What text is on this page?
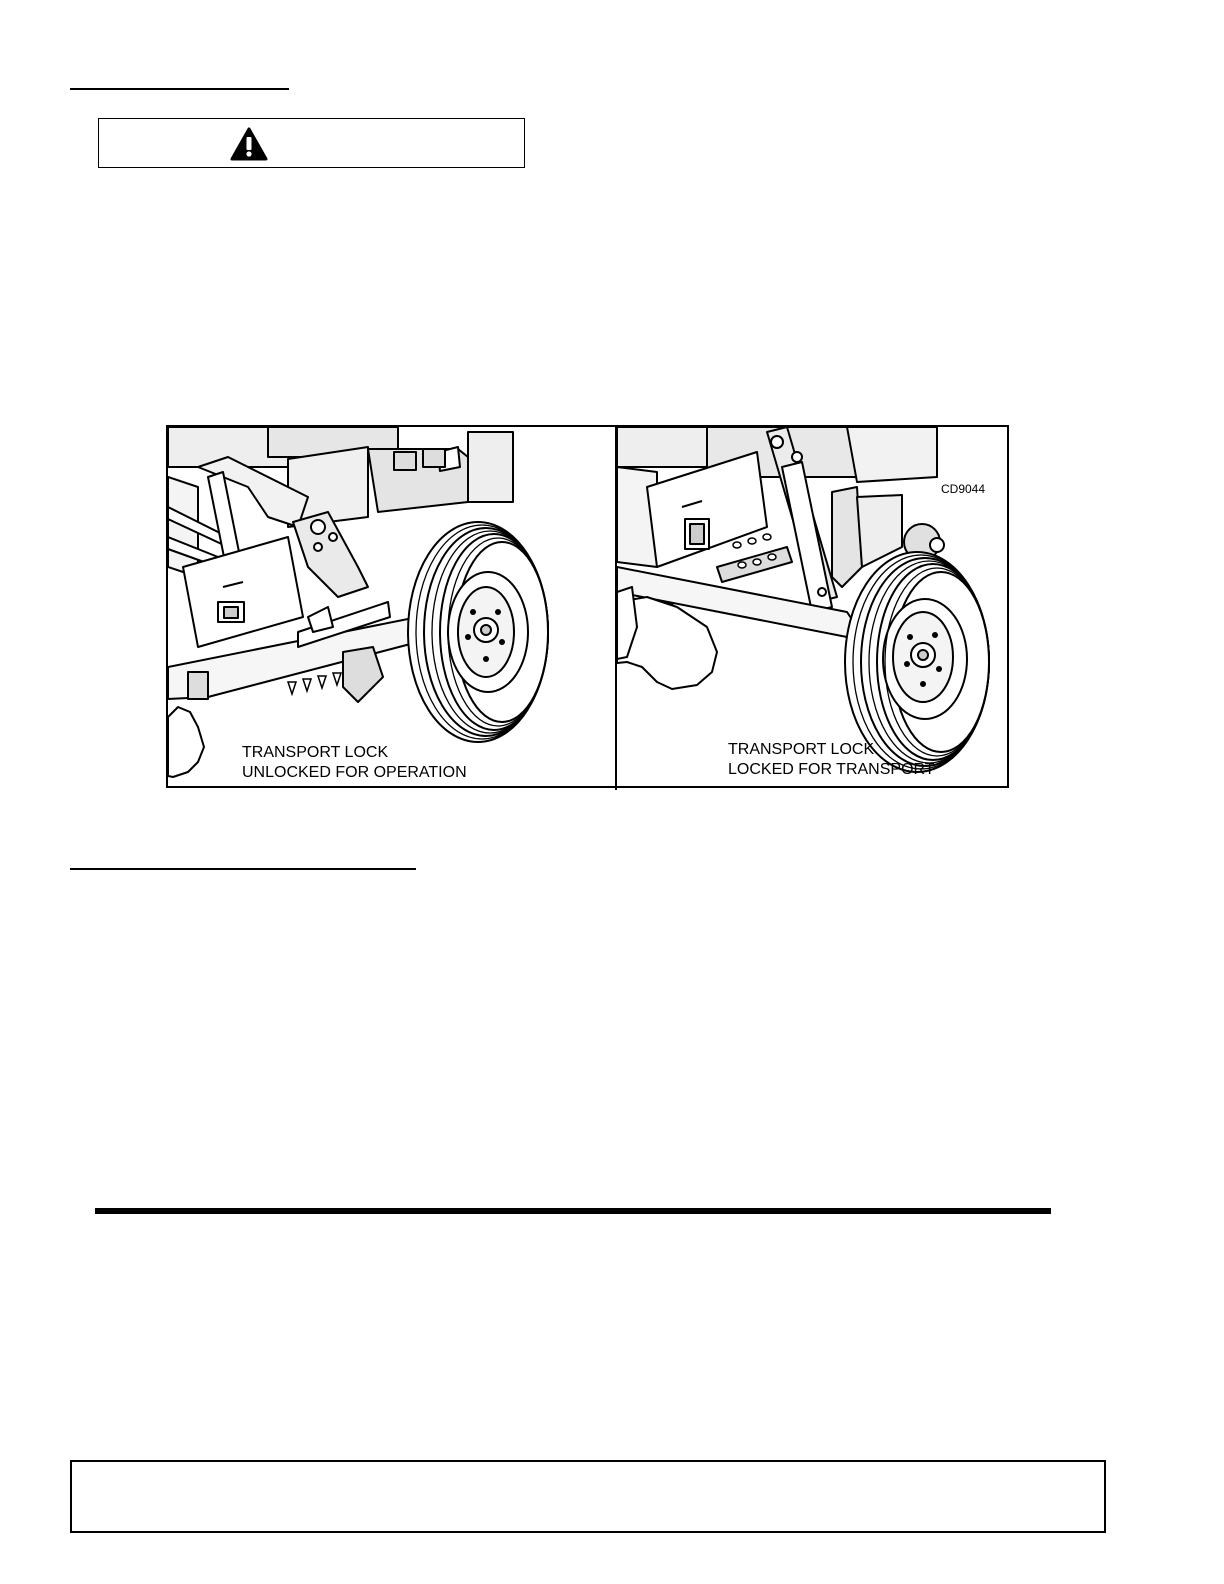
TRANSPORT LOCK
UNLOCKED FOR OPERATION
CD9044
TRANSPORT LOCK
LOCKED FOR TRANSPORT
